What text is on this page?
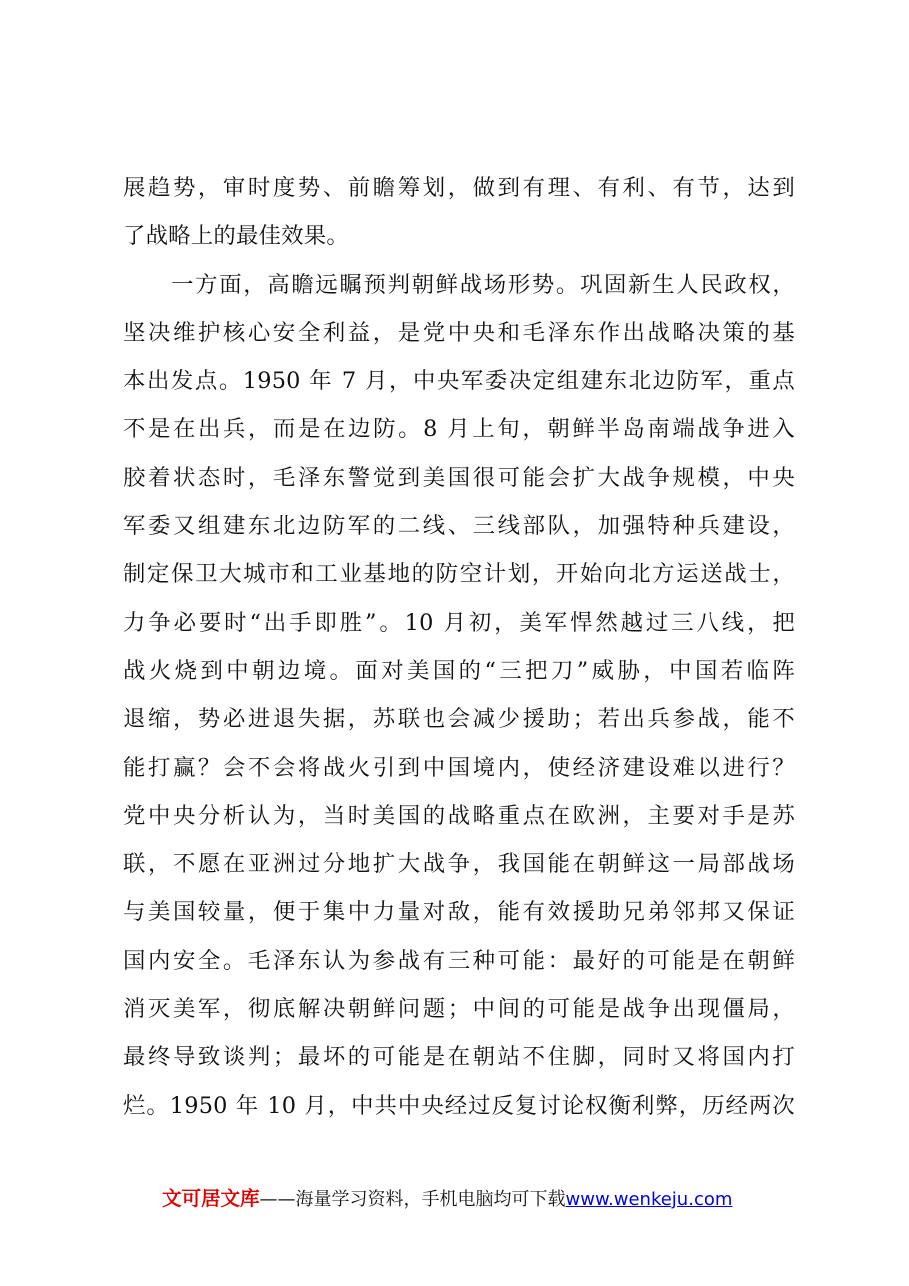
展趋势，审时度势、前瞻筹划，做到有理、有利、有节，达到
了战略上的最佳效果。
　　一方面，高瞻远瞩预判朝鲜战场形势。巩固新生人民政权，
坚决维护核心安全利益，是党中央和毛泽东作出战略决策的基
本出发点。1950 年 7 月，中央军委决定组建东北边防军，重点
不是在出兵，而是在边防。8 月上旬，朝鲜半岛南端战争进入
胶着状态时，毛泽东警觉到美国很可能会扩大战争规模，中央
军委又组建东北边防军的二线、三线部队，加强特种兵建设，
制定保卫大城市和工业基地的防空计划，开始向北方运送战士，
力争必要时“出手即胜”。10 月初，美军悍然越过三八线，把
战火烧到中朝边境。面对美国的“三把刀”威胁，中国若临阵
退缩，势必进退失据，苏联也会减少援助；若出兵参战，能不
能打赢？会不会将战火引到中国境内，使经济建设难以进行？
党中央分析认为，当时美国的战略重点在欧洲，主要对手是苏
联，不愿在亚洲过分地扩大战争，我国能在朝鲜这一局部战场
与美国较量，便于集中力量对敌，能有效援助兄弟邻邦又保证
国内安全。毛泽东认为参战有三种可能：最好的可能是在朝鲜
消灭美军，彻底解决朝鲜问题；中间的可能是战争出现僵局，
最终导致谈判；最坏的可能是在朝站不住脚，同时又将国内打
烂。1950 年 10 月，中共中央经过反复讨论权衡利弊，历经两次
文可居文库——海量学习资料，手机电脑均可下载www.wenkeju.com
